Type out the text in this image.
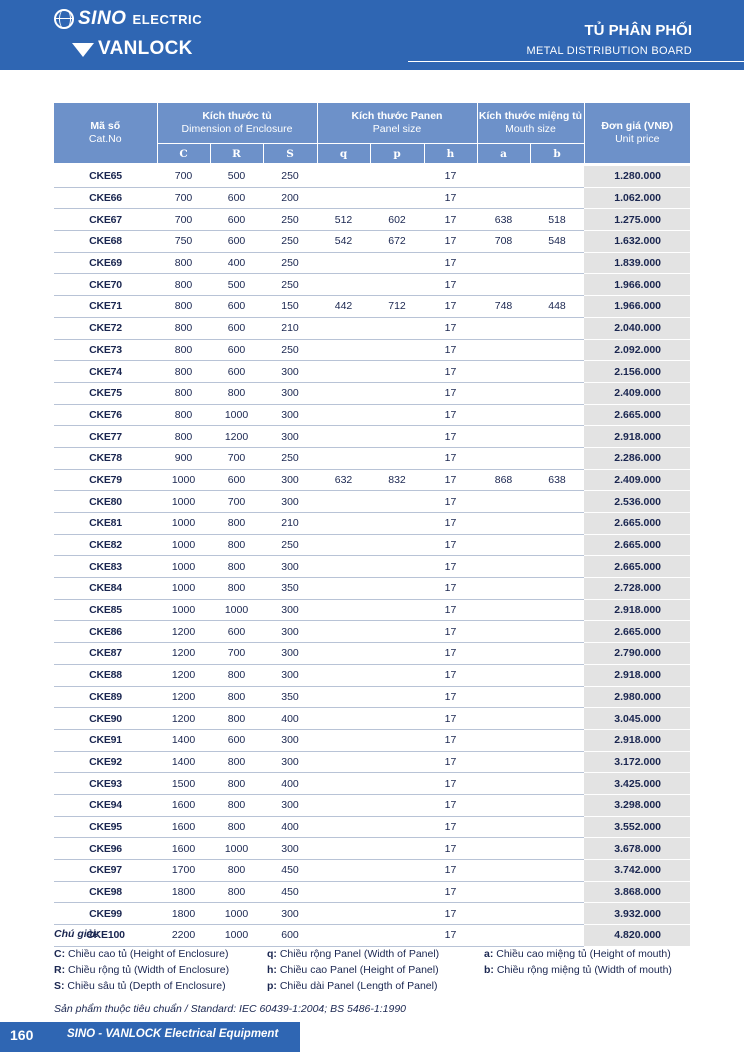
SINO ELECTRIC
VANLOCK
TỦ PHÂN PHỐI
METAL DISTRIBUTION BOARD
Mã số
Cat.No	Kích thước tủ
Dimension of Enclosure			Kích thước Panen
Panel size			Kích thước miệng tủ
Mouth size		Đơn giá (VNĐ)
Unit price
	C	R	S	q	p	h	a	b	

CKE65	700	500	250			17			1.280.000
CKE66	700	600	200			17			1.062.000
CKE67	700	600	250	512	602	17	638	518	1.275.000
CKE68	750	600	250	542	672	17	708	548	1.632.000
CKE69	800	400	250			17			1.839.000
CKE70	800	500	250			17			1.966.000
CKE71	800	600	150	442	712	17	748	448	1.966.000
CKE72	800	600	210			17			2.040.000
CKE73	800	600	250			17			2.092.000
CKE74	800	600	300			17			2.156.000
CKE75	800	800	300			17			2.409.000
CKE76	800	1000	300			17			2.665.000
CKE77	800	1200	300			17			2.918.000
CKE78	900	700	250			17			2.286.000
CKE79	1000	600	300	632	832	17	868	638	2.409.000
CKE80	1000	700	300			17			2.536.000
CKE81	1000	800	210			17			2.665.000
CKE82	1000	800	250			17			2.665.000
CKE83	1000	800	300			17			2.665.000
CKE84	1000	800	350			17			2.728.000
CKE85	1000	1000	300			17			2.918.000
CKE86	1200	600	300			17			2.665.000
CKE87	1200	700	300			17			2.790.000
CKE88	1200	800	300			17			2.918.000
CKE89	1200	800	350			17			2.980.000
CKE90	1200	800	400			17			3.045.000
CKE91	1400	600	300			17			2.918.000
CKE92	1400	800	300			17			3.172.000
CKE93	1500	800	400			17			3.425.000
CKE94	1600	800	300			17			3.298.000
CKE95	1600	800	400			17			3.552.000
CKE96	1600	1000	300			17			3.678.000
CKE97	1700	800	450			17			3.742.000
CKE98	1800	800	450			17			3.868.000
CKE99	1800	1000	300			17			3.932.000
CKE100	2200	1000	600			17			4.820.000
Chú giải:
C: Chiều cao tủ (Height of Enclosure)
R: Chiều rộng tủ (Width of Enclosure)
S: Chiều sâu tủ (Depth of Enclosure)
q: Chiều rộng Panel (Width of Panel)
h: Chiều cao Panel (Height of Panel)
p: Chiều dài Panel (Length of Panel)
a: Chiều cao miệng tủ (Height of mouth)
b: Chiều rộng miệng tủ (Width of mouth)
Sản phẩm thuộc tiêu chuẩn / Standard: IEC 60439-1:2004; BS 5486-1:1990
160	SINO - VANLOCK Electrical Equipment
